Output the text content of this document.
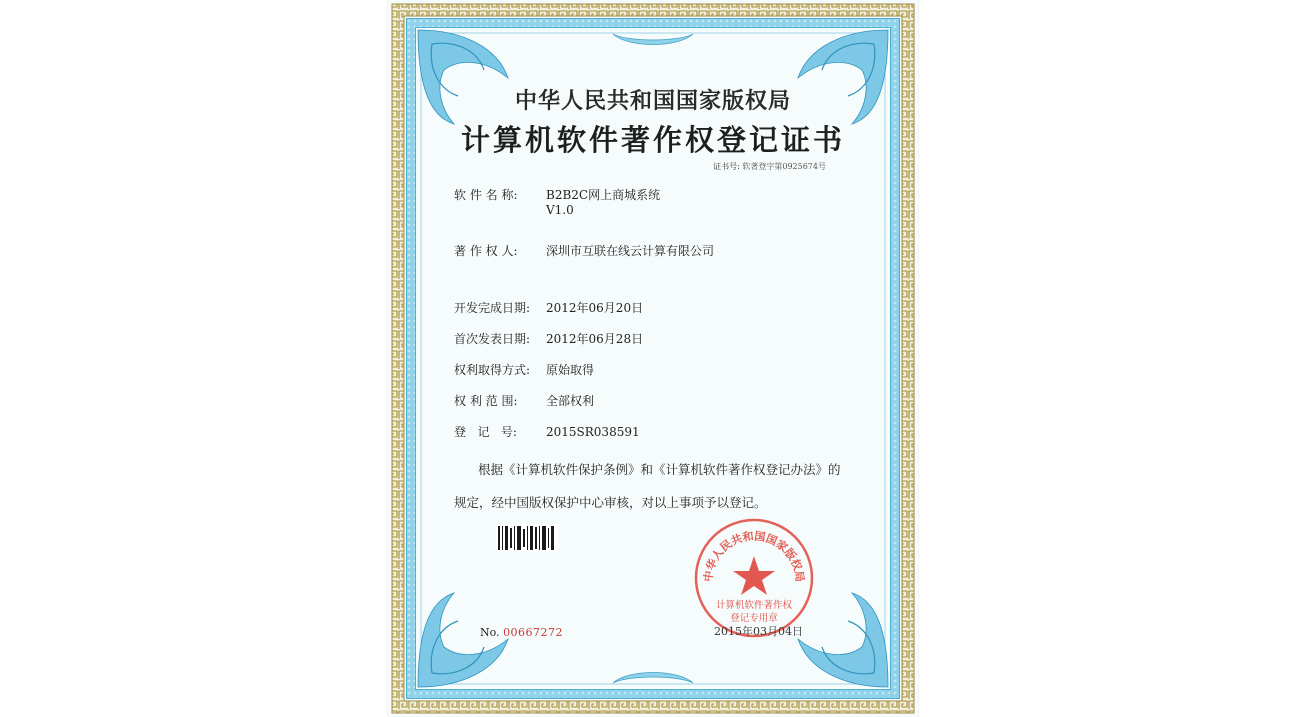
中华人民共和国国家版权局
计算机软件著作权登记证书
证书号: 软著登字第0925674号
软 件 名 称: B2B2C网上商城系统
V1.0
著 作 权 人: 深圳市互联在线云计算有限公司
开发完成日期: 2012年06月20日
首次发表日期: 2012年06月28日
权利取得方式: 原始取得
权 利 范 围: 全部权利
登   记   号: 2015SR038591
根据《计算机软件保护条例》和《计算机软件著作权登记办法》的
规定，经中国版权保护中心审核，对以上事项予以登记。
中华人民共和国国家版权局
计算机软件著作权
登记专用章
No. 00667272	2015年03月04日
